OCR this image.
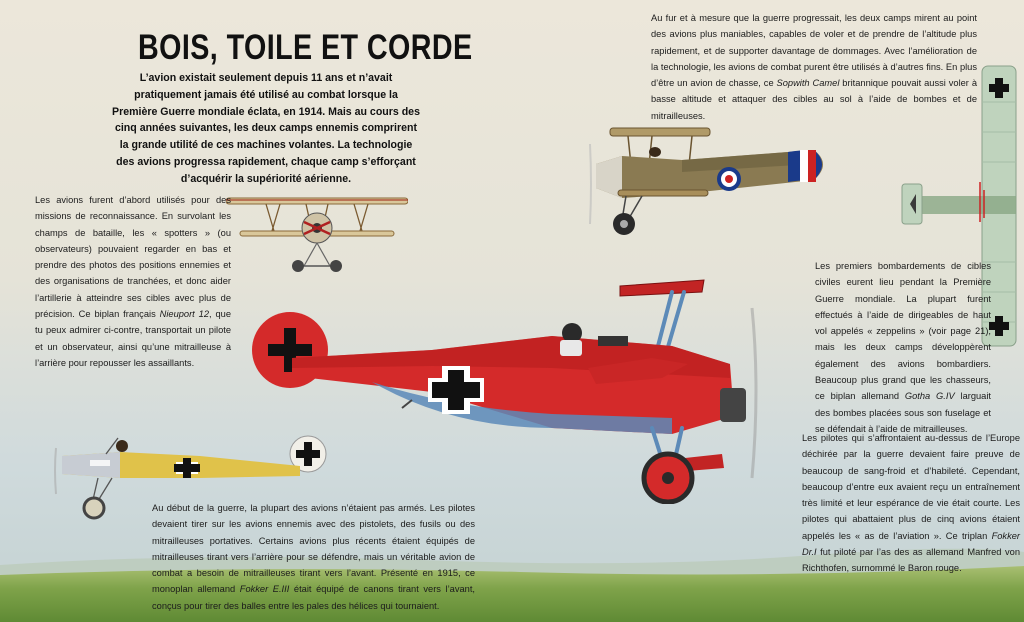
BOIS, TOILE ET CORDE
L’avion existait seulement depuis 11 ans et n’avait pratiquement jamais été utilisé au combat lorsque la Première Guerre mondiale éclata, en 1914. Mais au cours des cinq années suivantes, les deux camps ennemis comprirent la grande utilité de ces machines volantes. La technologie des avions progressa rapidement, chaque camp s’efforçant d’acquérir la supériorité aérienne.
Les avions furent d’abord utilisés pour des missions de reconnaissance. En survolant les champs de bataille, les « spotters » (ou observateurs) pouvaient regarder en bas et prendre des photos des positions ennemies et des organisations de tranchées, et donc aider l’artillerie à atteindre ses cibles avec plus de précision. Ce biplan français Nieuport 12, que tu peux admirer ci-contre, transportait un pilote et un observateur, ainsi qu’une mitrailleuse à l’arrière pour repousser les assaillants.
Au fur et à mesure que la guerre progressait, les deux camps mirent au point des avions plus maniables, capables de voler et de prendre de l’altitude plus rapidement, et de supporter davantage de dommages. Avec l’amélioration de la technologie, les avions de combat purent être utilisés à d’autres fins. En plus d’être un avion de chasse, ce Sopwith Camel britannique pouvait aussi voler à basse altitude et attaquer des cibles au sol à l’aide de bombes et de mitrailleuses.
Les premiers bombardements de cibles civiles eurent lieu pendant la Première Guerre mondiale. La plupart furent effectués à l’aide de dirigeables de haut vol appelés « zeppelins » (voir page 21), mais les deux camps développèrent également des avions bombardiers. Beaucoup plus grand que les chasseurs, ce biplan allemand Gotha G.IV larguait des bombes placées sous son fuselage et se défendait à l’aide de mitrailleuses.
Au début de la guerre, la plupart des avions n’étaient pas armés. Les pilotes devaient tirer sur les avions ennemis avec des pistolets, des fusils ou des mitrailleuses portatives. Certains avions plus récents étaient équipés de mitrailleuses tirant vers l’arrière pour se défendre, mais un véritable avion de combat a besoin de mitrailleuses tirant vers l’avant. Présenté en 1915, ce monoplan allemand Fokker E.III était équipé de canons tirant vers l’avant, conçus pour tirer des balles entre les pales des hélices qui tournaient.
Les pilotes qui s’affrontaient au-dessus de l’Europe déchirée par la guerre devaient faire preuve de beaucoup de sang-froid et d’habileté. Cependant, beaucoup d’entre eux avaient reçu un entraînement très limité et leur espérance de vie était courte. Les pilotes qui abattaient plus de cinq avions étaient appelés les « as de l’aviation ». Ce triplan Fokker Dr.I fut piloté par l’as des as allemand Manfred von Richthofen, surnommé le Baron rouge.
